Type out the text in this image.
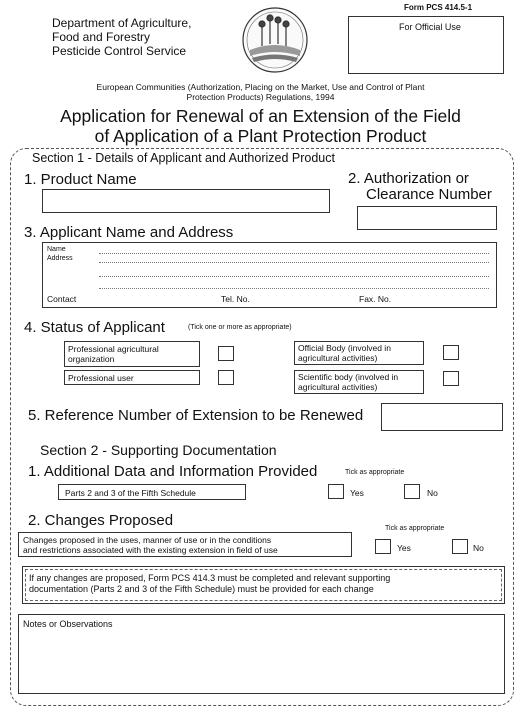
Department of Agriculture,
Food and Forestry
Pesticide Control Service
Form PCS 414.5-1
For Official Use
European Communities (Authorization, Placing on the Market, Use and Control of Plant
Protection Products) Regulations, 1994
Application for Renewal of an Extension of the Field
of Application of a Plant Protection Product
Section 1 - Details of Applicant and Authorized Product
1. Product Name	2. Authorization or
Clearance Number
3. Applicant Name and Address
Name
Address
Contact	Tel. No.	Fax. No.
4. Status of Applicant	(Tick one or more as appropriate)
Professional agricultural
organization
Professional user
Official Body (involved in
agricultural activities)
Scientific body (involved in
agricultural activities)
5. Reference Number of Extension to be Renewed
Section 2 - Supporting Documentation
1. Additional Data and Information Provided	Tick as appropriate
Parts 2 and 3 of the Fifth Schedule	Yes	No
2. Changes Proposed	Tick as appropriate
Changes proposed in the uses, manner of use or in the conditions
and restrictions associated with the existing extension in field of use	Yes	No
If any changes are proposed, Form PCS 414.3 must be completed and relevant supporting
documentation (Parts 2 and 3 of the Fifth Schedule) must be provided for each change
Notes or Observations
